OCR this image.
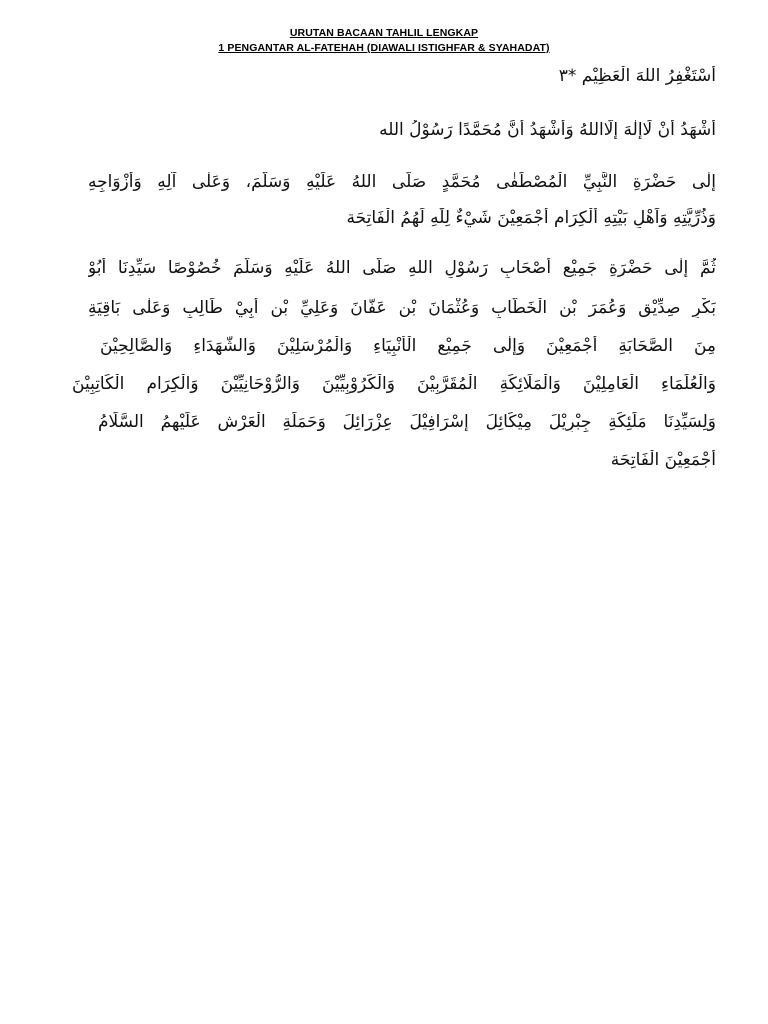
URUTAN BACAAN TAHLIL LENGKAP
1 PENGANTAR AL-FATEHAH (DIAWALI ISTIGHFAR & SYAHADAT)
أَسْتَغْفِرُ اللهَ الْعَظِيْم *٣
أَشْهَدُ أَنْ لَاإِلٰهَ إِلَّااللهُ وَأَشْهَدُ أَنَّ مُحَمَّدًا رَسُوْلُ الله
إِلٰى حَضْرَةِ النَّبِيِّ الْمُصْطَفٰى مُحَمَّدٍ صَلَّى اللهُ عَلَيْهِ وَسَلَّمَ، وَعَلٰى آلِهِ وَأَزْوَاجِهِ
وَذُرِّيَّتِهِ وَاَهْلِ بَيْتِهِ أَلْكِرَامِ أَجْمَعِيْنَ شَيْءٌ لِلّٰهِ لَهُمُ الْفَاتِحَة
ثُمَّ إِلٰى حَضْرَةِ جَمِيْعِ أَصْحَابِ رَسُوْلِ اللهِ صَلَّى اللهُ عَلَيْهِ وَسَلَّمَ خُصُوْصًا سَيِّدِنَا أَبُوْ
بَكْرٍ صِدِّيْقٍ وَعُمَرَ بْنِ الْخَطَّابِ وَعُثْمَانَ بْنِ عَفَّانَ وَعَلِيِّ بْنِ أَبِيْ طَالِبٍ وَعَلٰى بَاقِيَةِ
مِنَ الصَّحَابَةِ أَجْمَعِيْنَ وَإِلٰى جَمِيْعِ الْأَنْبِيَاءِ وَالْمُرْسَلِيْنَ وَالشُّهَدَاءِ وَالصَّالِحِيْنَ
وَالْعُلَمَاءِ الْعَامِلِيْنَ وَالْمَلَائِكَةِ الْمُقَرَّبِيْنَ وَالْكَرُوْبِيِّيْنَ وَالرُّوْحَانِيِّيْنَ وَالْكِرَامِ الْكَاتِبِيْنَ
وَلِسَيِّدِنَا مَلَئِكَةِ جِبْرِيْلَ مِيْكَائِلَ إِسْرَافِيْلَ عِزْرَائِلَ وَحَمَلَةِ الْعَرْشِ عَلَيْهِمُ السَّلَامُ
أَجْمَعِيْنَ الْفَاتِحَة
